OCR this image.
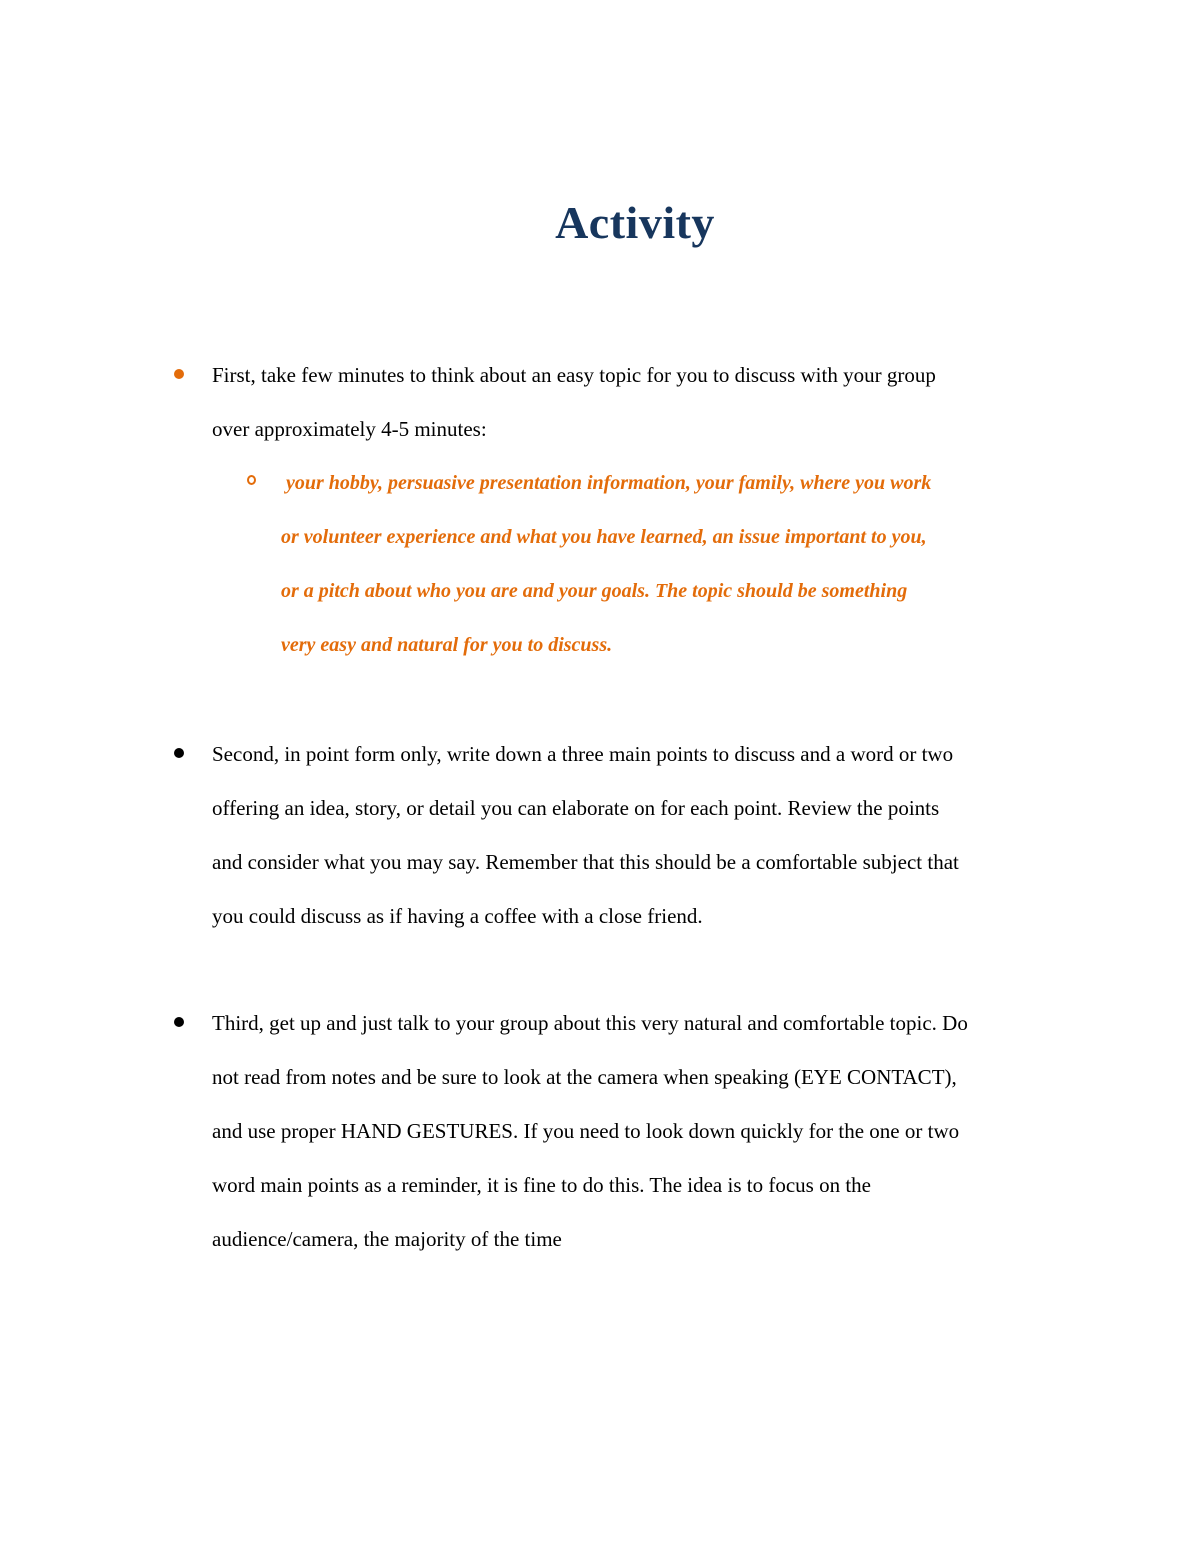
Activity
First, take few minutes to think about an easy topic for you to discuss with your group
over approximately 4-5 minutes:
your hobby, persuasive presentation information, your family, where you work
or volunteer experience and what you have learned, an issue important to you,
or a pitch about who you are and your goals. The topic should be something
very easy and natural for you to discuss.
Second, in point form only, write down a three main points to discuss and a word or two
offering an idea, story, or detail you can elaborate on for each point. Review the points
and consider what you may say. Remember that this should be a comfortable subject that
you could discuss as if having a coffee with a close friend.
Third, get up and just talk to your group about this very natural and comfortable topic. Do
not read from notes and be sure to look at the camera when speaking (EYE CONTACT),
and use proper HAND GESTURES. If you need to look down quickly for the one or two
word main points as a reminder, it is fine to do this. The idea is to focus on the
audience/camera, the majority of the time
